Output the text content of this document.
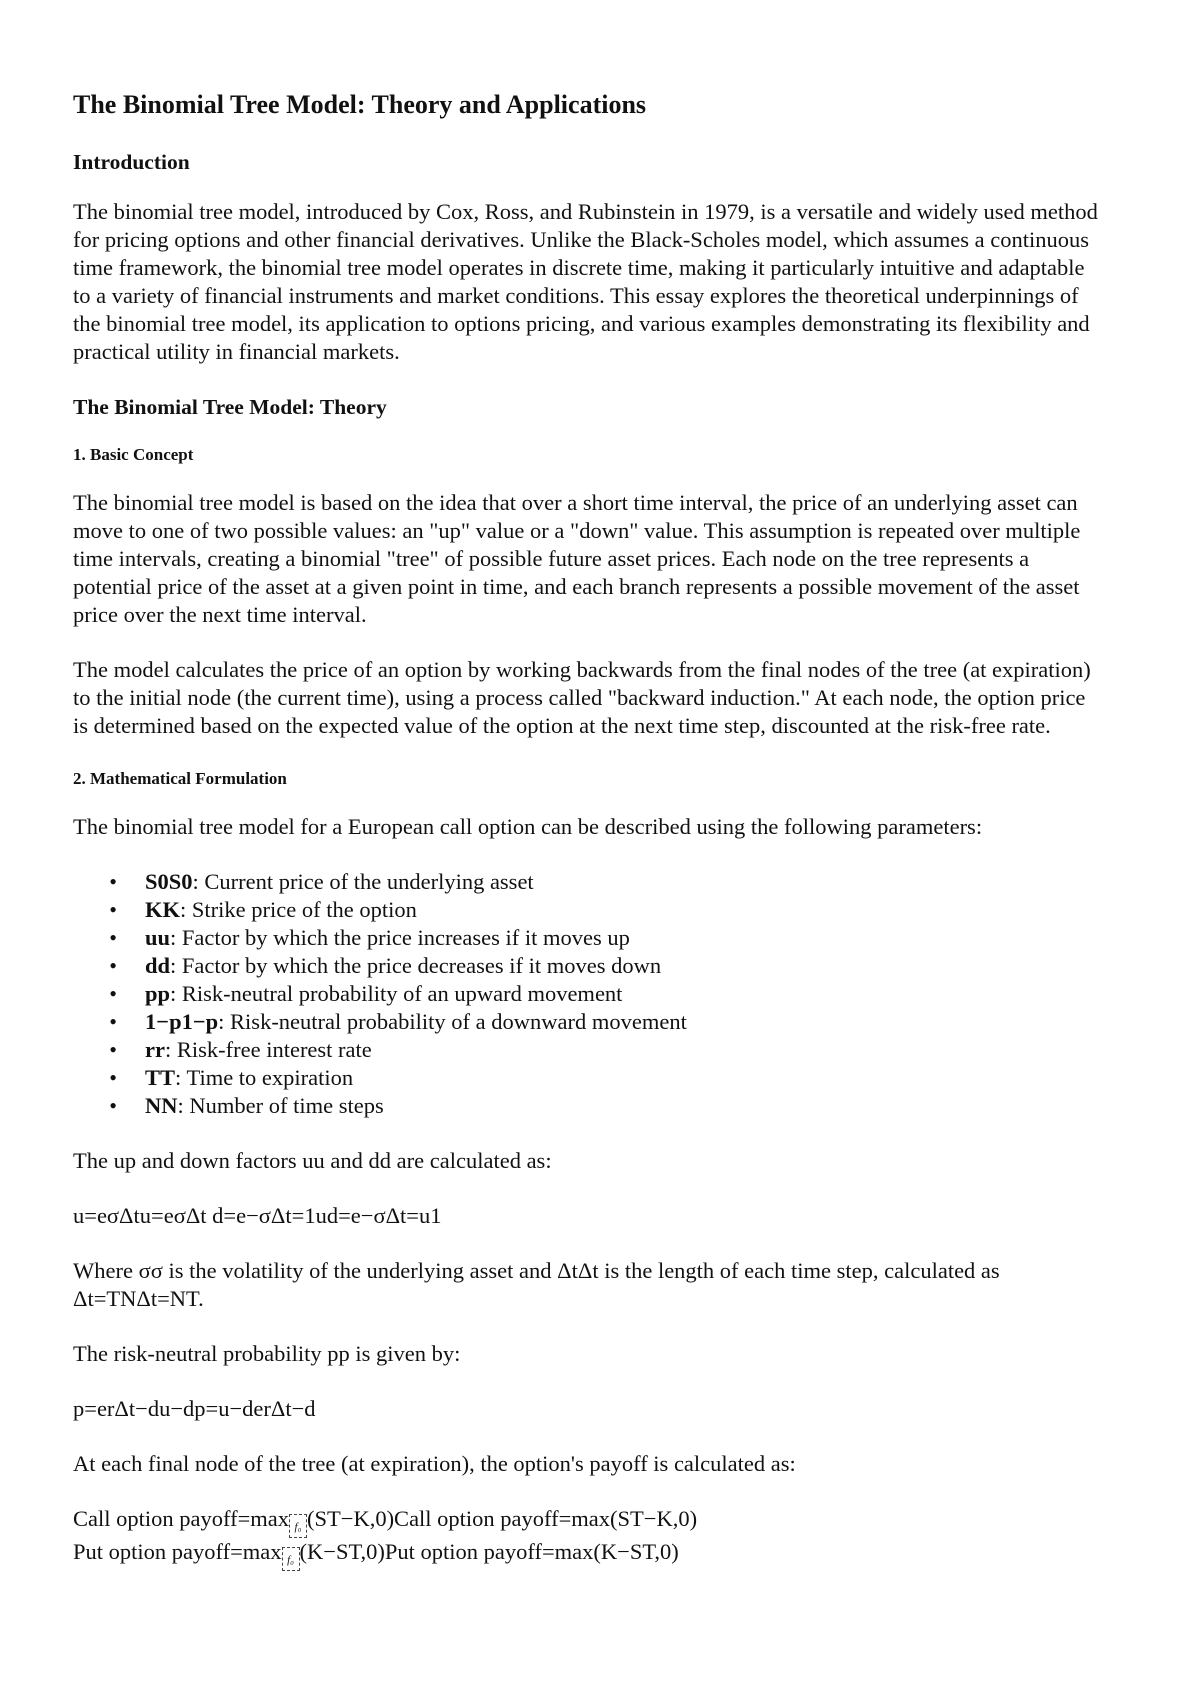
The Binomial Tree Model: Theory and Applications
Introduction

The binomial tree model, introduced by Cox, Ross, and Rubinstein in 1979, is a versatile and widely used method for pricing options and other financial derivatives. Unlike the Black-Scholes model, which assumes a continuous time framework, the binomial tree model operates in discrete time, making it particularly intuitive and adaptable to a variety of financial instruments and market conditions. This essay explores the theoretical underpinnings of the binomial tree model, its application to options pricing, and various examples demonstrating its flexibility and practical utility in financial markets.

The Binomial Tree Model: Theory
1. Basic Concept

The binomial tree model is based on the idea that over a short time interval, the price of an underlying asset can move to one of two possible values: an "up" value or a "down" value. This assumption is repeated over multiple time intervals, creating a binomial "tree" of possible future asset prices. Each node on the tree represents a potential price of the asset at a given point in time, and each branch represents a possible movement of the asset price over the next time interval.

The model calculates the price of an option by working backwards from the final nodes of the tree (at expiration) to the initial node (the current time), using a process called "backward induction." At each node, the option price is determined based on the expected value of the option at the next time step, discounted at the risk-free rate.

2. Mathematical Formulation

The binomial tree model for a European call option can be described using the following parameters:

• S0S0: Current price of the underlying asset
• KK: Strike price of the option
• uu: Factor by which the price increases if it moves up
• dd: Factor by which the price decreases if it moves down
• pp: Risk-neutral probability of an upward movement
• 1−p1−p: Risk-neutral probability of a downward movement
• rr: Risk-free interest rate
• TT: Time to expiration
• NN: Number of time steps

The up and down factors uu and dd are calculated as:

u=eσΔtu=eσΔt d=e−σΔt=1ud=e−σΔt=u1

Where σσ is the volatility of the underlying asset and ΔtΔt is the length of each time step, calculated as Δt=TNΔt=NT.

The risk-neutral probability pp is given by:

p=erΔt−du−dp=u−derΔt−d

At each final node of the tree (at expiration), the option's payoff is calculated as:

Call option payoff=max f₀ (ST−K,0)Call option payoff=max(ST−K,0)
Put option payoff=max f₀ (K−ST,0)Put option payoff=max(K−ST,0)
